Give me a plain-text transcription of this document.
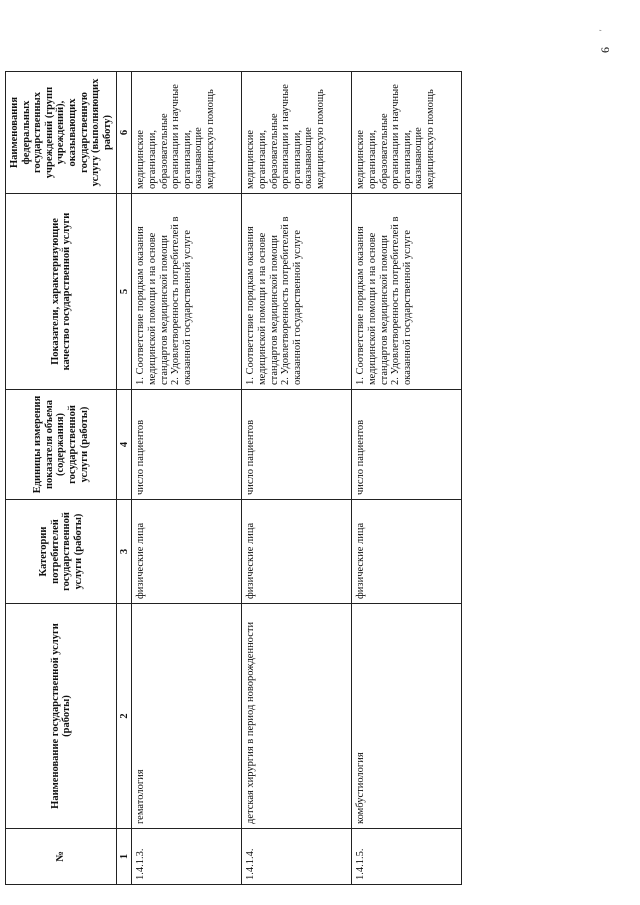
№	Наименование государственной услуги (работы)	Категории потребителей государственной услуги (работы)	Единицы измерения показателя объема (содержания) государственной услуги (работы)	Показатели, характеризующие качество государственной услуги	Наименования федеральных государственных учреждений (групп учреждений), оказывающих государственную услугу (выполняющих работу)
1	2	3	4	5	6
1.4.1.3.	гематология	физические лица	число пациентов	1. Соответствие порядкам оказания медицинской помощи и на основе стандартов медицинской помощи 2. Удовлетворенность потребителей в оказанной государственной услуге	медицинские организации, образовательные организации и научные организации, оказывающие медицинскую помощь
1.4.1.4.	детская хирургия в период новорожденности	физические лица	число пациентов	1. Соответствие порядкам оказания медицинской помощи и на основе стандартов медицинской помощи 2. Удовлетворенность потребителей в оказанной государственной услуге	медицинские организации, образовательные организации и научные организации, оказывающие медицинскую помощь
1.4.1.5.	комбустиология	физические лица	число пациентов	1. Соответствие порядкам оказания медицинской помощи и на основе стандартов медицинской помощи 2. Удовлетворенность потребителей в оказанной государственной услуге	медицинские организации, образовательные организации и научные организации, оказывающие медицинскую помощь
6
'
